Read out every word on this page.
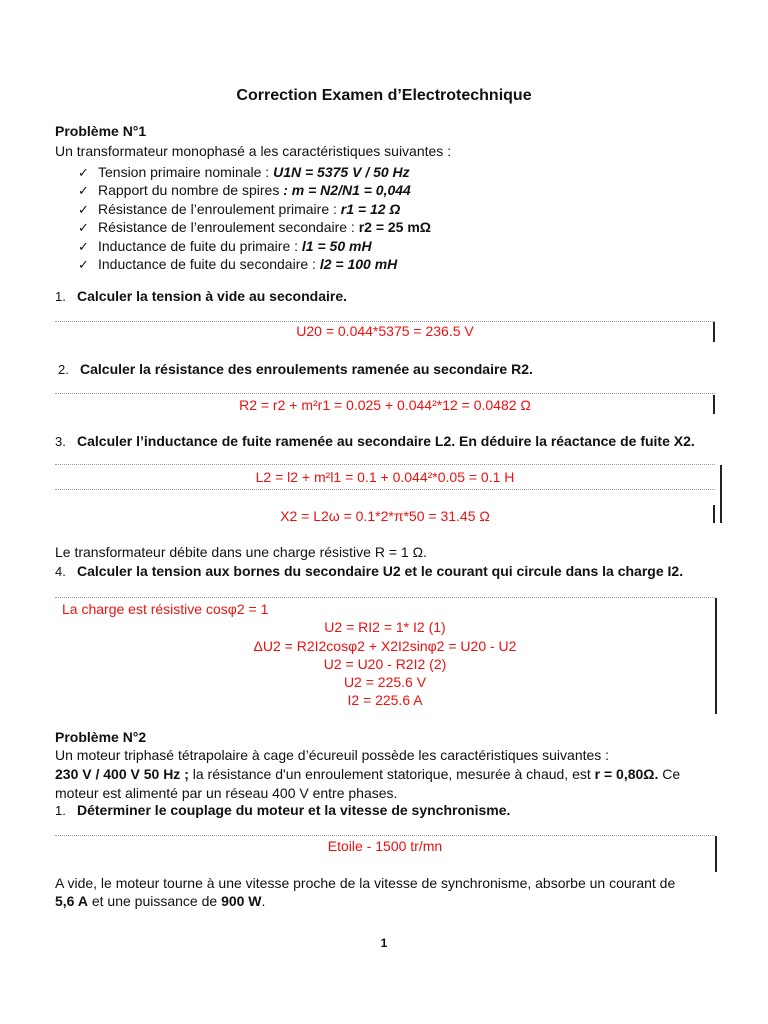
Correction Examen d’Electrotechnique
Problème N°1
Un transformateur monophasé a les caractéristiques suivantes :
✓ Tension primaire nominale : U1N = 5375 V / 50 Hz
✓ Rapport du nombre de spires : m = N2/N1 = 0,044
✓ Résistance de l’enroulement primaire : r1 = 12 Ω
✓ Résistance de l’enroulement secondaire : r2 = 25 mΩ
✓ Inductance de fuite du primaire : l1 = 50 mH
✓ Inductance de fuite du secondaire : l2 = 100 mH
1. Calculer la tension à vide au secondaire.
U20 = 0.044*5375 = 236.5 V
2. Calculer la résistance des enroulements ramenée au secondaire R2.
R2 = r2 + m²r1 = 0.025 + 0.044²*12 = 0.0482 Ω
3. Calculer l’inductance de fuite ramenée au secondaire L2. En déduire la réactance de fuite X2.
L2 = l2 + m²l1 = 0.1 + 0.044²*0.05 = 0.1 H
X2 = L2ω = 0.1*2*π*50 = 31.45 Ω
Le transformateur débite dans une charge résistive R = 1 Ω.
4. Calculer la tension aux bornes du secondaire U2 et le courant qui circule dans la charge I2.
La charge est résistive cosφ2 = 1
U2 = RI2 = 1* I2 (1)
ΔU2 = R2I2cosφ2 + X2I2sinφ2 = U20 - U2
U2 = U20 - R2I2 (2)
U2 = 225.6 V
I2 = 225.6 A
Problème N°2
Un moteur triphasé tétrapolaire à cage d’écureuil possède les caractéristiques suivantes :
230 V / 400 V 50 Hz ; la résistance d'un enroulement statorique, mesurée à chaud, est r = 0,80Ω. Ce
moteur est alimenté par un réseau 400 V entre phases.
1. Déterminer le couplage du moteur et la vitesse de synchronisme.
Etoile - 1500 tr/mn
A vide, le moteur tourne à une vitesse proche de la vitesse de synchronisme, absorbe un courant de
5,6 A et une puissance de 900 W.
1
